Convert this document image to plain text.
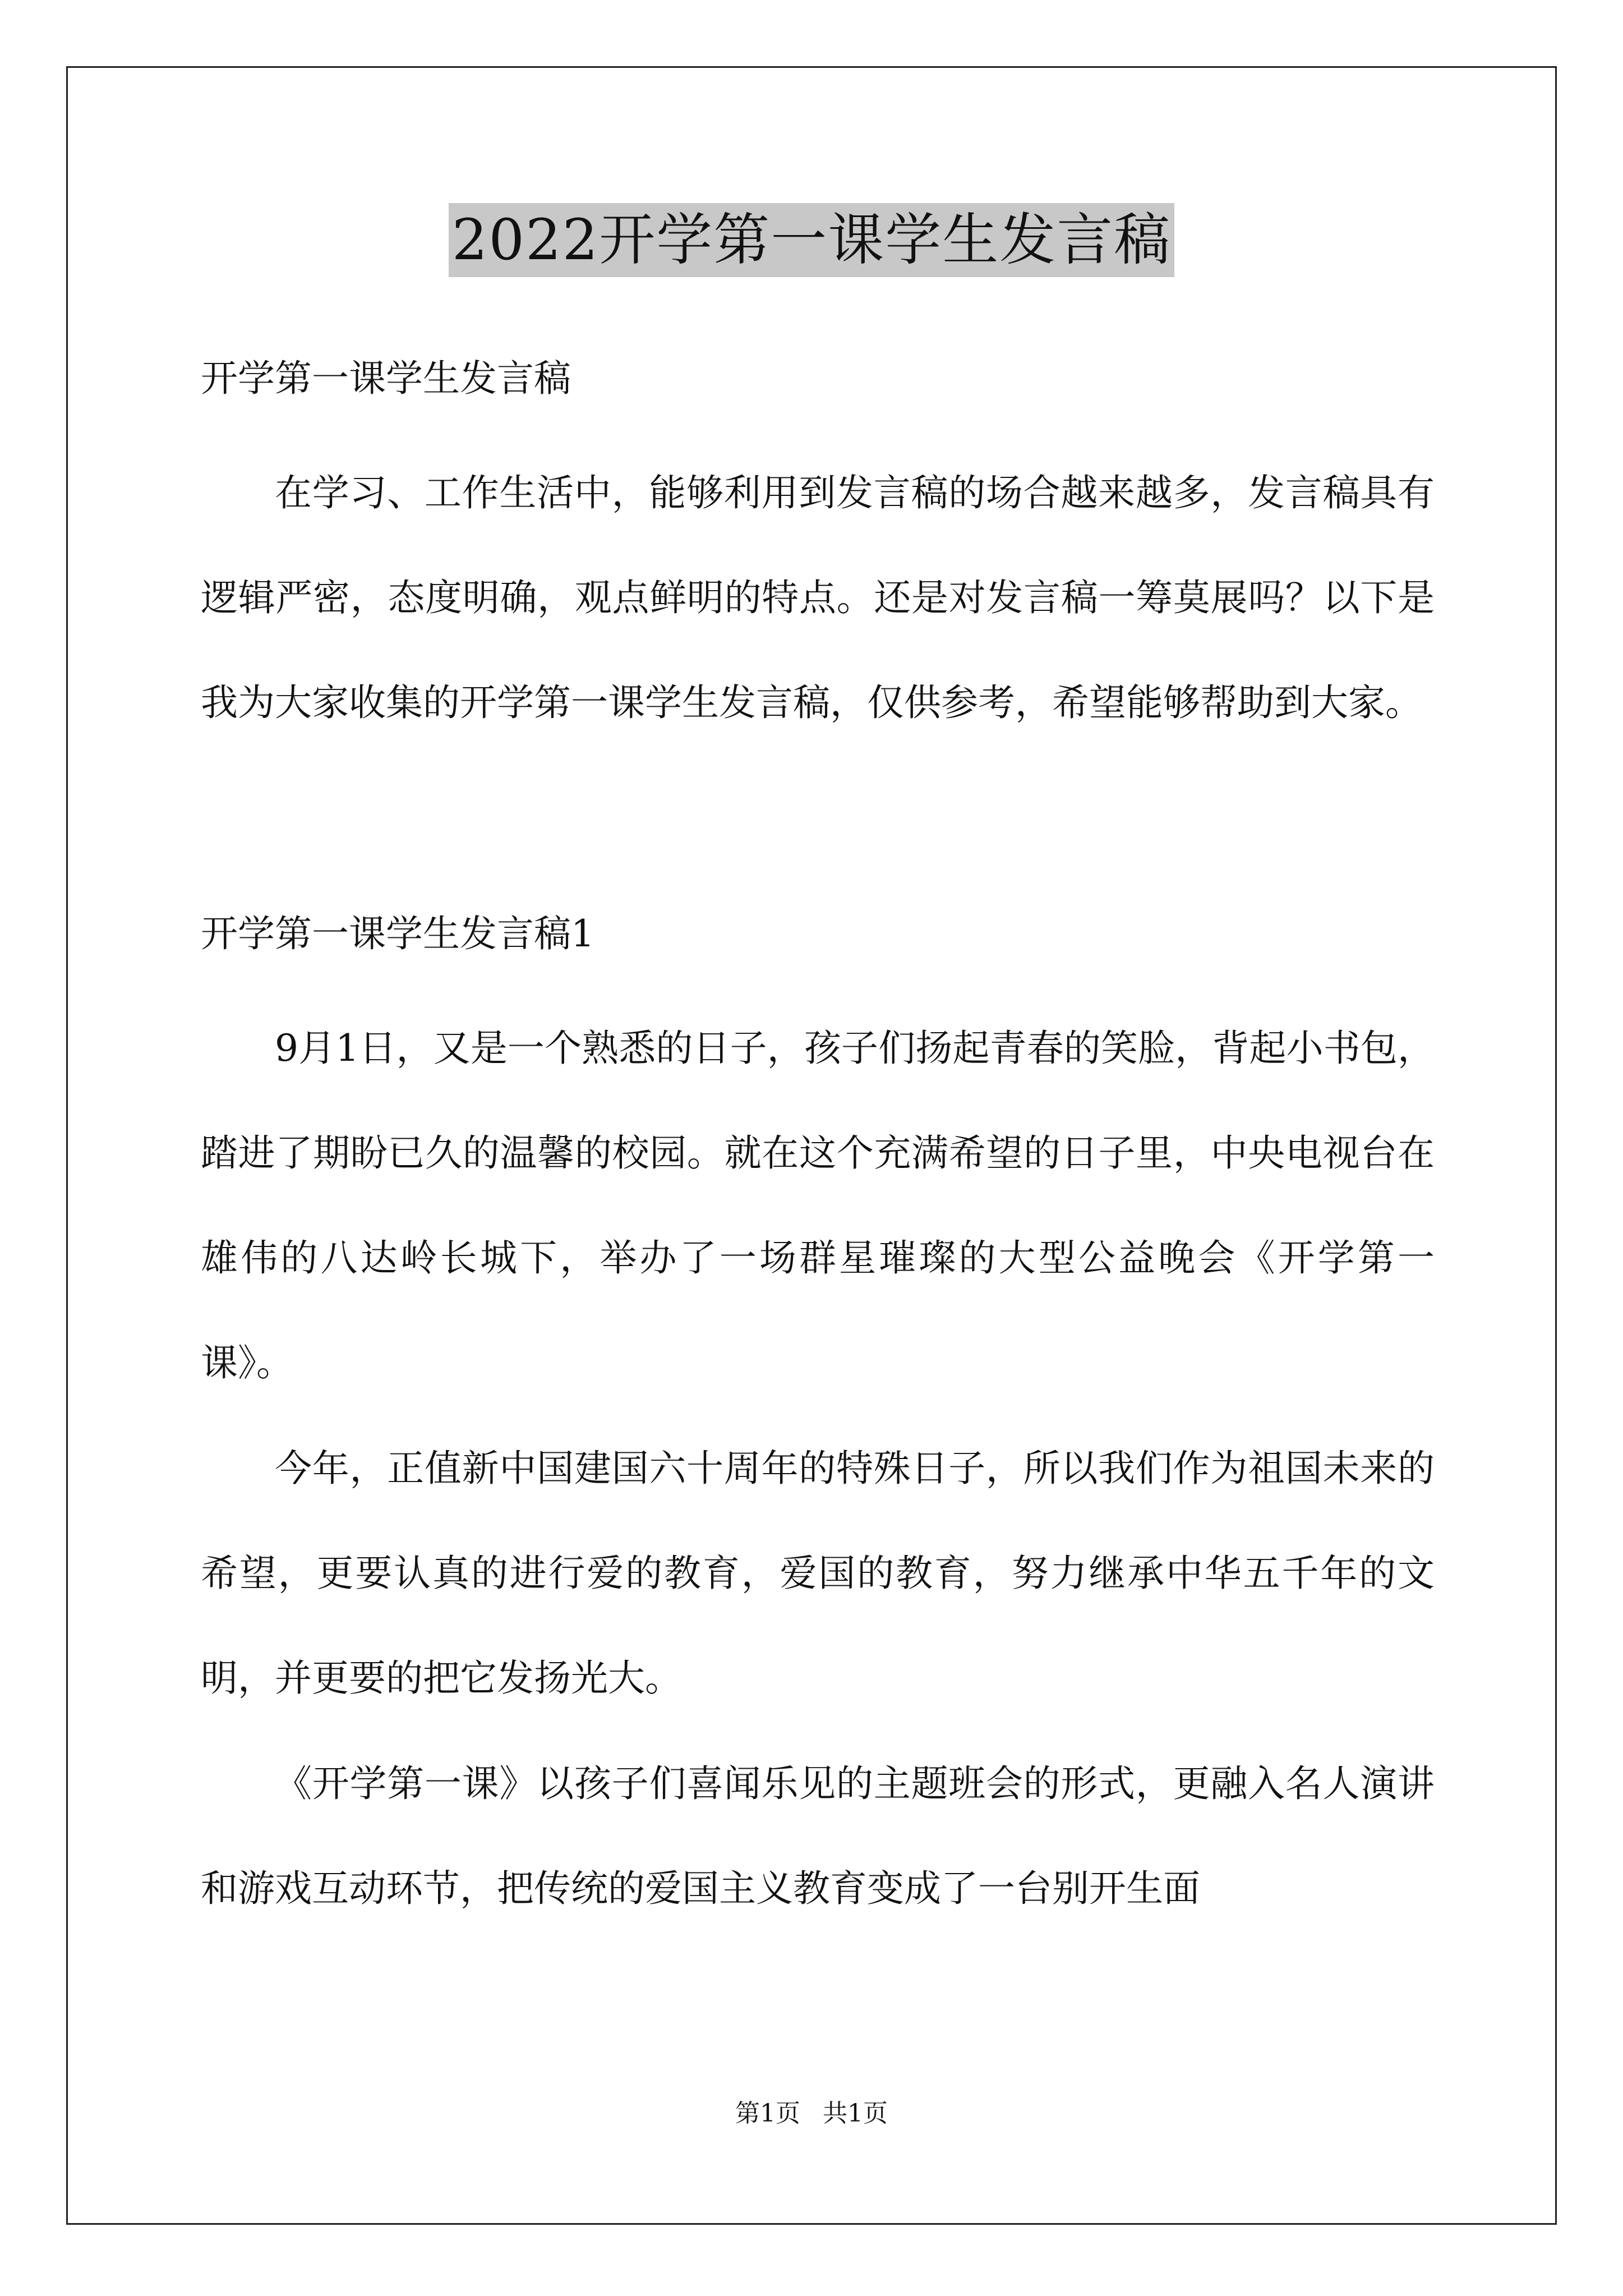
2022开学第一课学生发言稿
开学第一课学生发言稿

在学习、工作生活中，能够利用到发言稿的场合越来越多，发言稿具有逻辑严密，态度明确，观点鲜明的特点。还是对发言稿一筹莫展吗？以下是我为大家收集的开学第一课学生发言稿，仅供参考，希望能够帮助到大家。

开学第一课学生发言稿1

9月1日，又是一个熟悉的日子，孩子们扬起青春的笑脸，背起小书包，踏进了期盼已久的温馨的校园。就在这个充满希望的日子里，中央电视台在雄伟的八达岭长城下，举办了一场群星璀璨的大型公益晚会《开学第一课》。

今年，正值新中国建国六十周年的特殊日子，所以我们作为祖国未来的希望，更要认真的进行爱的教育，爱国的教育，努力继承中华五千年的文明，并更要的把它发扬光大。

《开学第一课》以孩子们喜闻乐见的主题班会的形式，更融入名人演讲和游戏互动环节，把传统的爱国主义教育变成了一台别开生面

第1页 共1页
